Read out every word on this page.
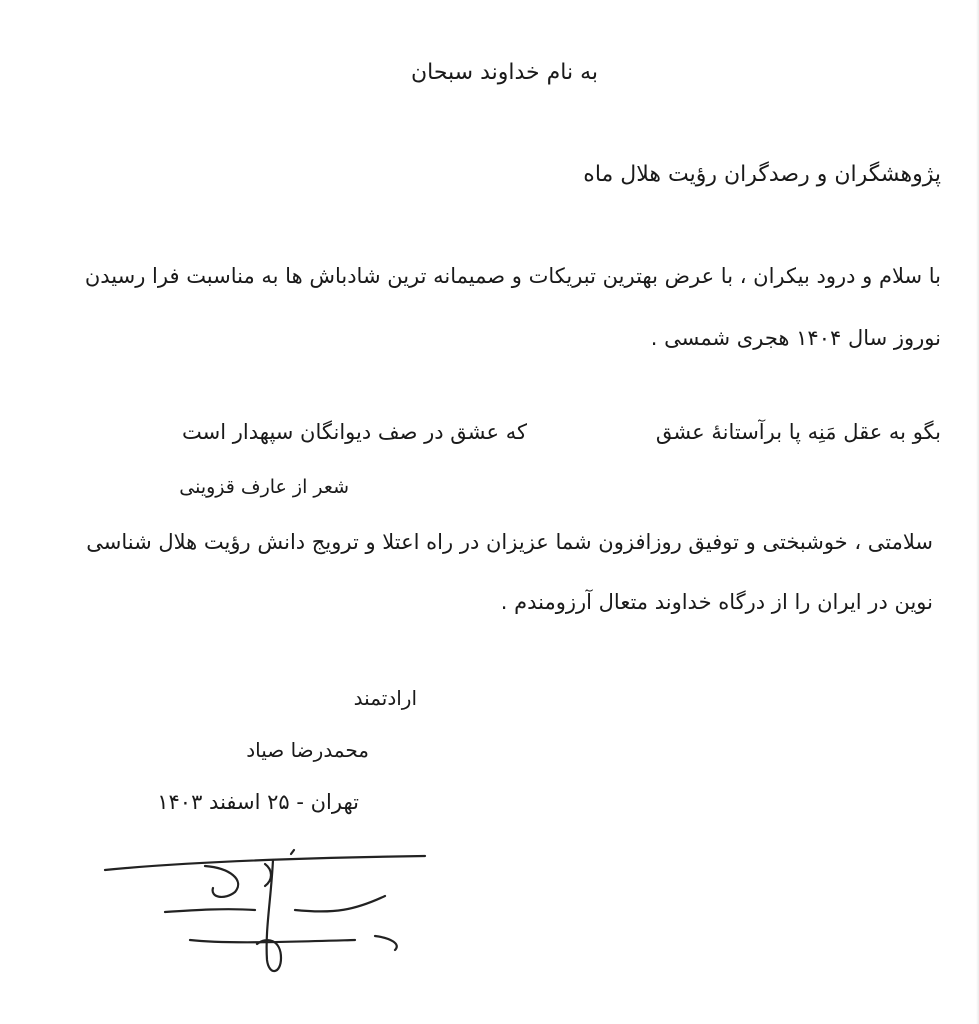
به نام خداوند سبحان
پژوهشگران و رصدگران رؤیت هلال ماه
با سلام و درود بیکران ، با عرض بهترین تبریکات و صمیمانه ترین شادباش ها به مناسبت فرا رسیدن
نوروز سال ۱۴۰۴ هجری شمسی .
بگو به عقل مَنِه پا برآستانهٔ عشق
که عشق در صف دیوانگان سپهدار است
شعر از عارف قزوینی
سلامتی ، خوشبختی و توفیق روزافزون شما عزیزان در راه اعتلا و ترویج دانش رؤیت هلال شناسی
نوین در ایران را از درگاه خداوند متعال آرزومندم .
ارادتمند
محمدرضا صیاد
تهران - ۲۵ اسفند ۱۴۰۳
